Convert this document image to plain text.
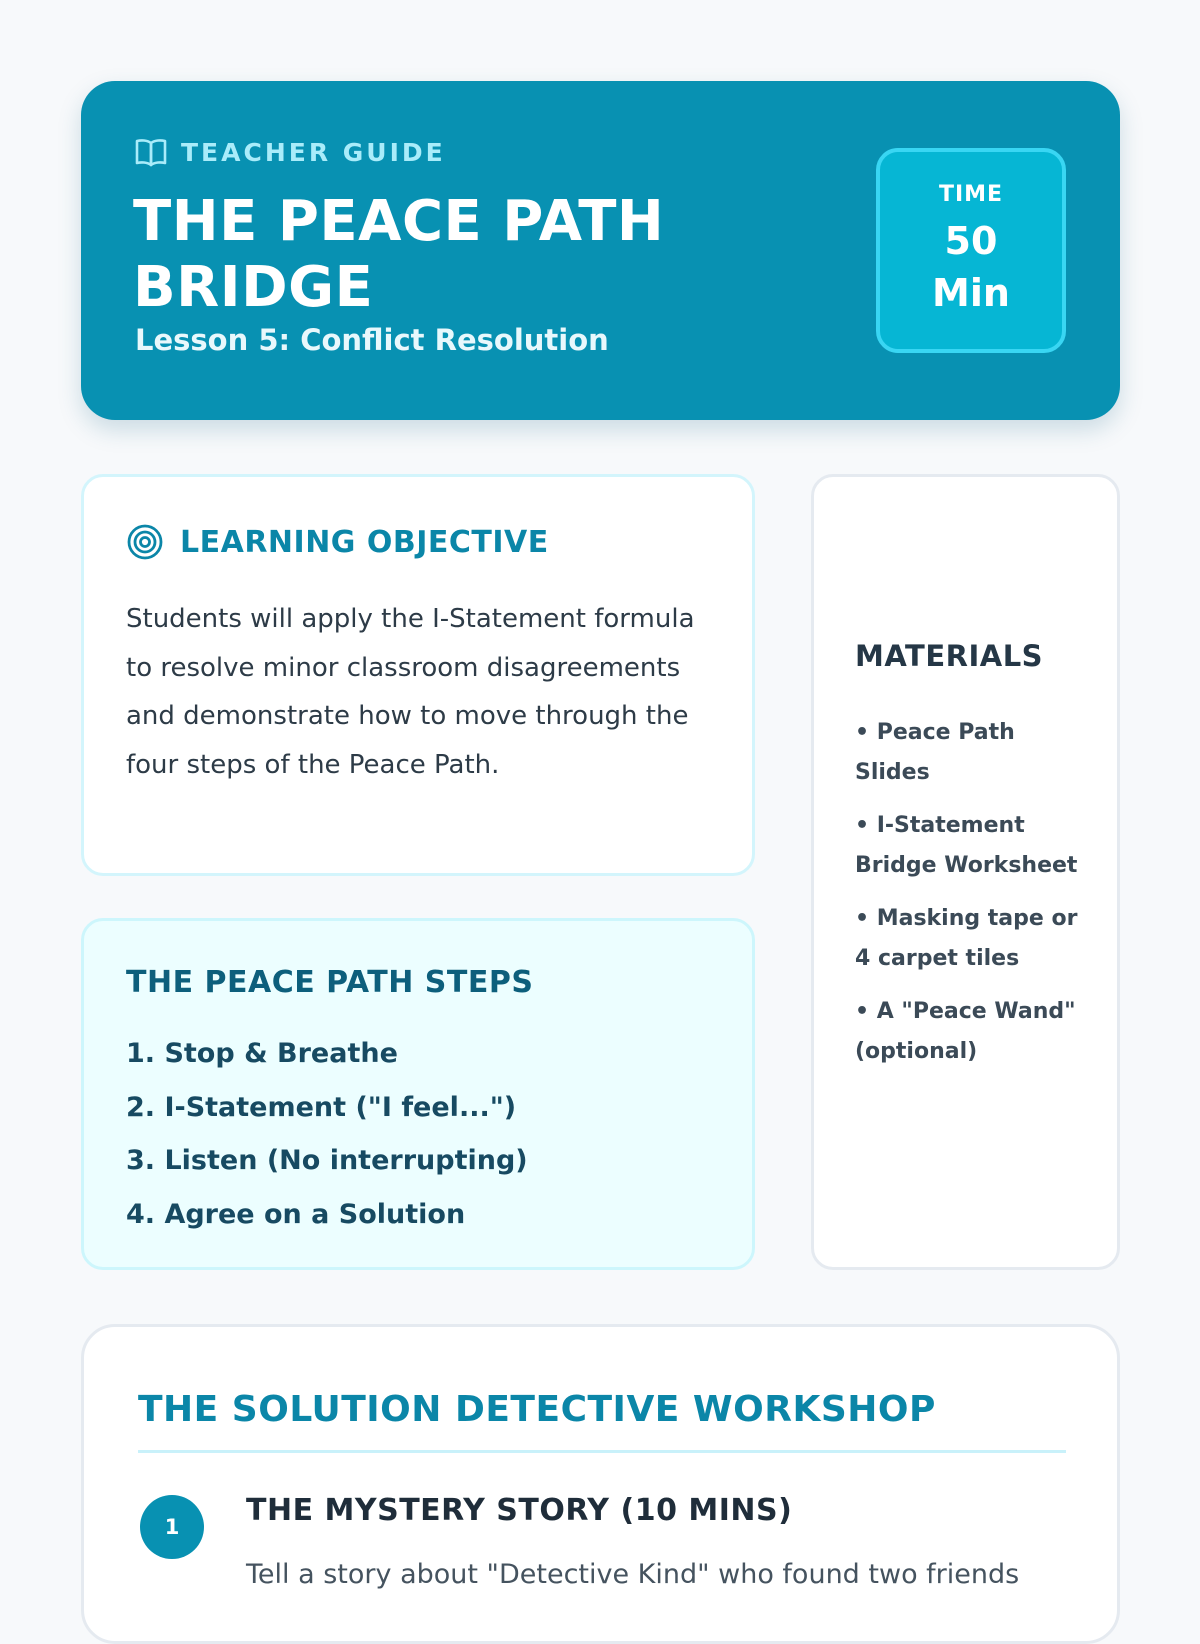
TEACHER GUIDE
THE PEACE PATH BRIDGE
Lesson 5: Conflict Resolution
TIME
50
Min
LEARNING OBJECTIVE

Students will apply the I-Statement formula to resolve minor classroom disagreements and demonstrate how to move through the four steps of the Peace Path.

MATERIALS
• Peace Path Slides
• I-Statement Bridge Worksheet
• Masking tape or 4 carpet tiles
• A "Peace Wand" (optional)
THE PEACE PATH STEPS
1. Stop & Breathe
2. I-Statement ("I feel...")
3. Listen (No interrupting)
4. Agree on a Solution
THE SOLUTION DETECTIVE WORKSHOP
1	THE MYSTERY STORY (10 MINS)

Tell a story about "Detective Kind" who found two friends
